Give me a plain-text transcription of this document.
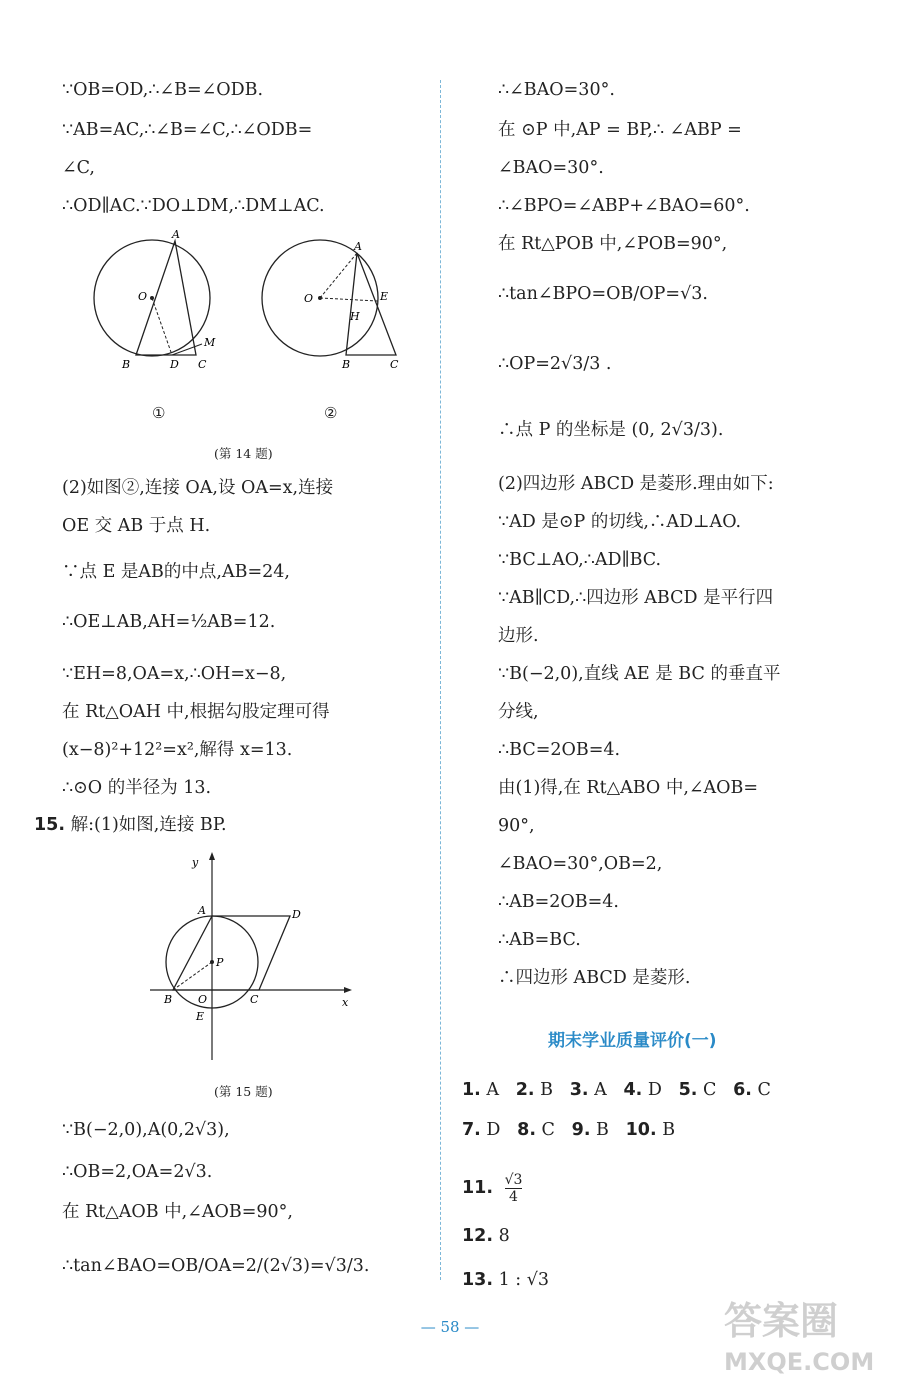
∵OB=OD,∴∠B=∠ODB.
∵AB=AC,∴∠B=∠C,∴∠ODB=
∠C,
∴OD∥AC.∵DO⊥DM,∴DM⊥AC.
A
O
B	D C
M
①
A
O
H
E
B	C
②
(第 14 题)
(2)如图②,连接 OA,设 OA=x,连接
OE 交 AB 于点 H.
∵点 E 是AB的中点,AB=24,
∴OE⊥AB,AH=½AB=12.
∵EH=8,OA=x,∴OH=x−8,
在 Rt△OAH 中,根据勾股定理可得
(x−8)²+12²=x²,解得 x=13.
∴⊙O 的半径为 13.
15. 解:(1)如图,连接 BP.
y
A	D
P
B O	C
E
x
(第 15 题)
∵B(−2,0),A(0,2√3),
∴OB=2,OA=2√3.
在 Rt△AOB 中,∠AOB=90°,
∴tan∠BAO=OB/OA=2/(2√3)=√3/3.
∴∠BAO=30°.
在 ⊙P 中,AP = BP,∴ ∠ABP =
∠BAO=30°.
∴∠BPO=∠ABP+∠BAO=60°.
在 Rt△POB 中,∠POB=90°,
∴tan∠BPO=OB/OP=√3.
∴OP=2√3/3 .
∴点 P 的坐标是 (0, 2√3/3).
(2)四边形 ABCD 是菱形.理由如下:
∵AD 是⊙P 的切线,∴AD⊥AO.
∵BC⊥AO,∴AD∥BC.
∵AB∥CD,∴四边形 ABCD 是平行四
边形.
∵B(−2,0),直线 AE 是 BC 的垂直平
分线,
∴BC=2OB=4.
由(1)得,在 Rt△ABO 中,∠AOB=
90°,
∠BAO=30°,OB=2,
∴AB=2OB=4.
∴AB=BC.
∴四边形 ABCD 是菱形.
期末学业质量评价(一)
1. A 2. B 3. A 4. D 5. C 6. C
7. D 8. C 9. B 10. B
11. $\frac{√3}{4}$
12. 8
13. 1 : √3
— 58 —	答案圈
MXQE.COM
